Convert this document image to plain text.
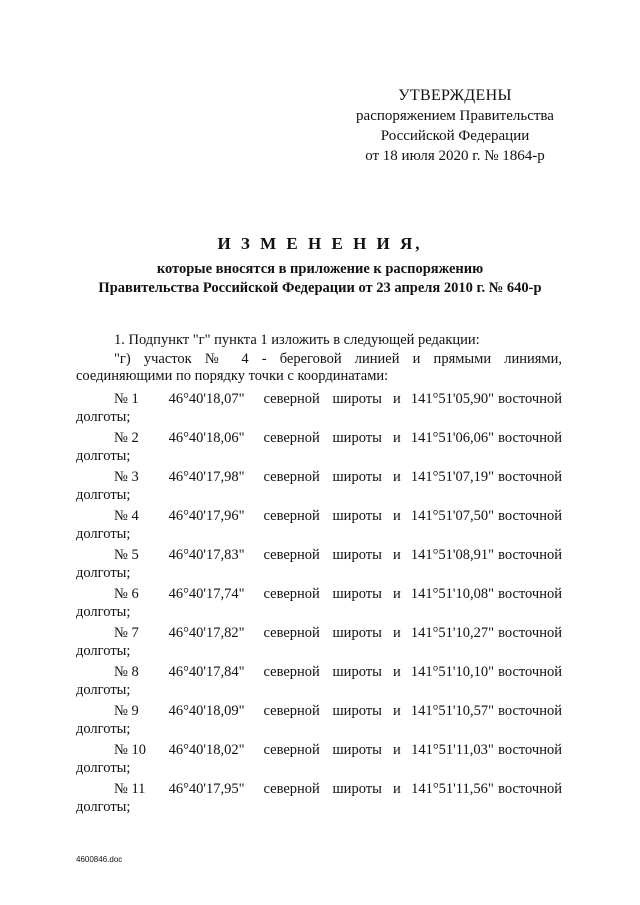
УТВЕРЖДЕНЫ
распоряжением Правительства
Российской Федерации
от 18 июля 2020 г. № 1864-р
И З М Е Н Е Н И Я,
которые вносятся в приложение к распоряжению
Правительства Российской Федерации от 23 апреля 2010 г. № 640-р
1. Подпункт "г" пункта 1 изложить в следующей редакции:
"г) участок № 4 - береговой линией и прямыми линиями, соединяющими по порядку точки с координатами:
№ 1	46°40'18,07"	северной широты и 141°51'05,90" восточной
долготы;
№ 2	46°40'18,06"	северной широты и 141°51'06,06" восточной
долготы;
№ 3	46°40'17,98"	северной широты и 141°51'07,19" восточной
долготы;
№ 4	46°40'17,96"	северной широты и 141°51'07,50" восточной
долготы;
№ 5	46°40'17,83"	северной широты и 141°51'08,91" восточной
долготы;
№ 6	46°40'17,74"	северной широты и 141°51'10,08" восточной
долготы;
№ 7	46°40'17,82"	северной широты и 141°51'10,27" восточной
долготы;
№ 8	46°40'17,84"	северной широты и 141°51'10,10" восточной
долготы;
№ 9	46°40'18,09"	северной широты и 141°51'10,57" восточной
долготы;
№ 10	46°40'18,02"	северной широты и 141°51'11,03" восточной
долготы;
№ 11	46°40'17,95"	северной широты и 141°51'11,56" восточной
долготы;
4600846.doc
